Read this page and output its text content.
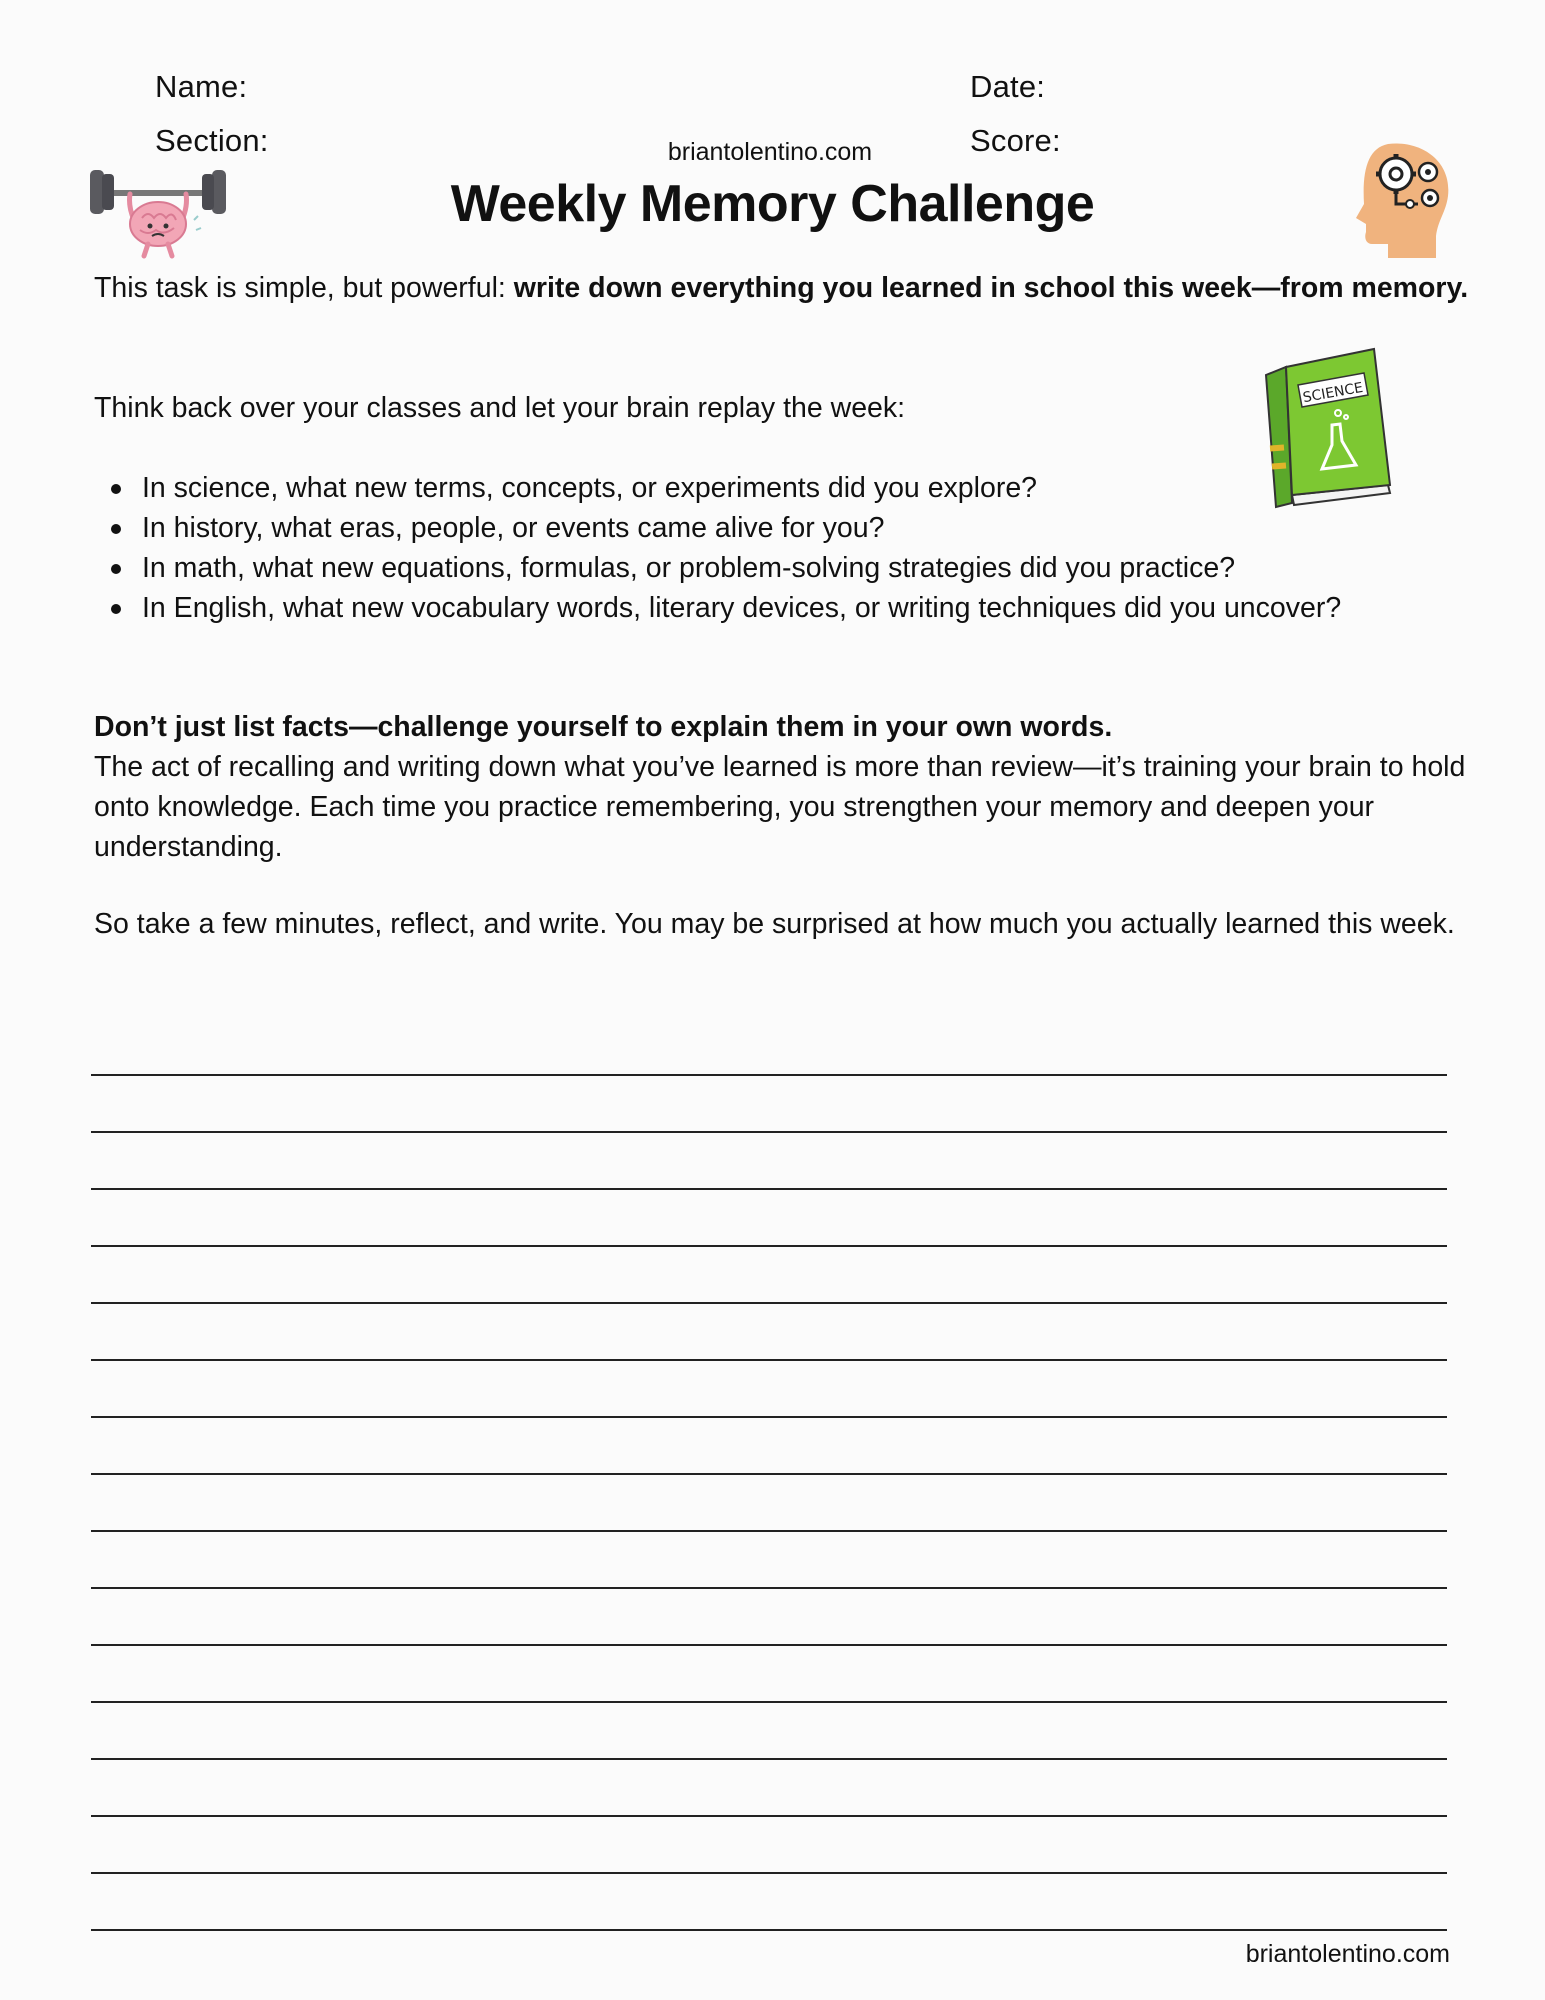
Name:
Section:
Date:
Score:
briantolentino.com
Weekly Memory Challenge
SCIENCE
This task is simple, but powerful: write down everything you learned in school this week—from memory.
Think back over your classes and let your brain replay the week:
In science, what new terms, concepts, or experiments did you explore?
In history, what eras, people, or events came alive for you?
In math, what new equations, formulas, or problem-solving strategies did you practice?
In English, what new vocabulary words, literary devices, or writing techniques did you uncover?
Don’t just list facts—challenge yourself to explain them in your own words.
The act of recalling and writing down what you’ve learned is more than review—it’s training your brain to hold onto knowledge. Each time you practice remembering, you strengthen your memory and deepen your understanding.
So take a few minutes, reflect, and write. You may be surprised at how much you actually learned this week.
briantolentino.com
